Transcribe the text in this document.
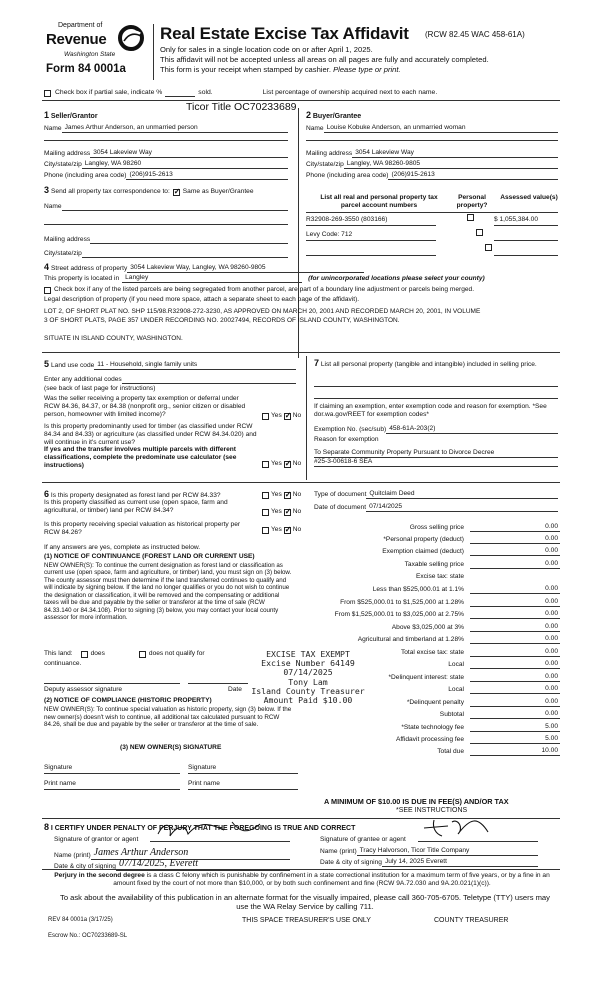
Department of
Revenue
Washington State
Form 84 0001a
Real Estate Excise Tax Affidavit (RCW 82.45 WAC 458-61A)
Only for sales in a single location code on or after April 1, 2025.
This affidavit will not be accepted unless all areas on all pages are fully and accurately completed.
This form is your receipt when stamped by cashier. Please type or print.
Check box if partial sale, indicate %	sold.	List percentage of ownership acquired next to each name.
Ticor Title OC70233689
1 Seller/Grantor
Name James Arthur Anderson, an unmarried person
Mailing address 3054 Lakeview Way
City/state/zip Langley, WA 98260
Phone (including area code) (206)915-2613
2 Buyer/Grantee
Name Louise Kobuke Anderson, an unmarried woman
Mailing address 3054 Lakeview Way
City/state/zip Langley, WA 98260-9805
Phone (including area code) (206)915-2613
3 Send all property tax correspondence to: ✓ Same as Buyer/Grantee
Name
Mailing address
City/state/zip
List all real and personal property tax parcel account numbers
Personal property?
Assessed value(s)
R32908-269-3550 (803166)
	$ 1,055,384.00
Levy Code: 712

4 Street address of property 3054 Lakeview Way, Langley, WA 98260-9805
This property is located in Langley	(for unincorporated locations please select your county)
Check box if any of the listed parcels are being segregated from another parcel, are part of a boundary line adjustment or parcels being merged.
Legal description of property (if you need more space, attach a separate sheet to each page of the affidavit).
LOT 2, OF SHORT PLAT NO. SHP 115/98.R32908-272-3230, AS APPROVED ON MARCH 20, 2001 AND RECORDED MARCH 20, 2001, IN VOLUME
3 OF SHORT PLATS, PAGE 357 UNDER RECORDING NO. 20027494, RECORDS OF ISLAND COUNTY, WASHINGTON.
SITUATE IN ISLAND COUNTY, WASHINGTON.
5 Land use code 11 - Household, single family units
Enter any additional codes
(see back of last page for instructions)
Was the seller receiving a property tax exemption or deferral under RCW 84.36, 84.37, or 84.38 (nonprofit org., senior citizen or disabled person, homeowner with limited income)?	Yes ✓ No
Is this property predominantly used for timber (as classified under RCW 84.34 and 84.33) or agriculture (as classified under RCW 84.34.020) and will continue in it's current use?
If yes and the transfer involves multiple parcels with different classifications, complete the predominate use calculator (see instructions)	Yes ✓ No
7 List all personal property (tangible and intangible) included in selling price.
If claiming an exemption, enter exemption code and reason for exemption. *See dor.wa.gov/REET for exemption codes*
Exemption No. (sec/sub) 458-61A-203(2)
Reason for exemption
To Separate Community Property Pursuant to Divorce Decree
#25-3-00618-6 SEA
6 Is this property designated as forest land per RCW 84.33?	Yes ✓ No
Is this property classified as current use (open space, farm and agricultural, or timber) land per RCW 84.34?	Yes ✓ No
Is this property receiving special valuation as historical property per RCW 84.26?	Yes ✓ No
If any answers are yes, complete as instructed below.
(1) NOTICE OF CONTINUANCE (FOREST LAND OR CURRENT USE)
NEW OWNER(S): To continue the current designation as forest land or classification as current use (open space, farm and agriculture, or timber) land, you must sign on (3) below. The county assessor must then determine if the land transferred continues to qualify and will indicate by signing below. If the land no longer qualifies or you do not wish to continue the designation or classification, it will be removed and the compensating or additional taxes will be due and payable by the seller or transferor at the time of sale (RCW 84.33.140 or 84.34.108). Prior to signing (3) below, you may contact your local county assessor for more information.
This land:	does	does not qualify for
continuance.
Deputy assessor signature	Date
(2) NOTICE OF COMPLIANCE (HISTORIC PROPERTY)
NEW OWNER(S): To continue special valuation as historic property, sign (3) below. If the new owner(s) doesn't wish to continue, all additional tax calculated pursuant to RCW 84.26, shall be due and payable by the seller or transferor at the time of sale.
(3) NEW OWNER(S) SIGNATURE
Signature	Signature
Print name	Print name
Type of document Quitclaim Deed
Date of document 07/14/2025
Gross selling price	0.00
*Personal property (deduct)	0.00
Exemption claimed (deduct)	0.00
Taxable selling price	0.00
Excise tax: state
Less than $525,000.01 at 1.1%	0.00
From $525,000.01 to $1,525,000 at 1.28%	0.00
From $1,525,000.01 to $3,025,000 at 2.75%	0.00
Above $3,025,000 at 3%	0.00
Agricultural and timberland at 1.28%	0.00
Total excise tax: state	0.00
Local	0.00
*Delinquent interest: state	0.00
Local	0.00
*Delinquent penalty	0.00
Subtotal	0.00
*State technology fee	5.00
Affidavit processing fee	5.00
Total due	10.00
EXCISE TAX EXEMPT
Excise Number 64149
07/14/2025
Tony Lam
Island County Treasurer
Amount Paid $10.00
A MINIMUM OF $10.00 IS DUE IN FEE(S) AND/OR TAX
*SEE INSTRUCTIONS
8 I CERTIFY UNDER PENALTY OF PERJURY THAT THE FOREGOING IS TRUE AND CORRECT
Signature of grantor or agent
Name (print) James Arthur Anderson
Date & city of signing 07/14/2025, Everett
Signature of grantee or agent
Name (print) Tracy Halvorson, Ticor Title Company
Date & city of signing July 14, 2025 Everett
Perjury in the second degree is a class C felony which is punishable by confinement in a state correctional institution for a maximum term of five years, or by a fine in an amount fixed by the court of not more than $10,000, or by both such confinement and fine (RCW 9A.72.030 and 9A.20.021(1)(c)).
To ask about the availability of this publication in an alternate format for the visually impaired, please call 360-705-6705. Teletype (TTY) users may use the WA Relay Service by calling 711.
REV 84 0001a (3/17/25)	THIS SPACE TREASURER'S USE ONLY	COUNTY TREASURER
Escrow No.: OC70233689-SL
